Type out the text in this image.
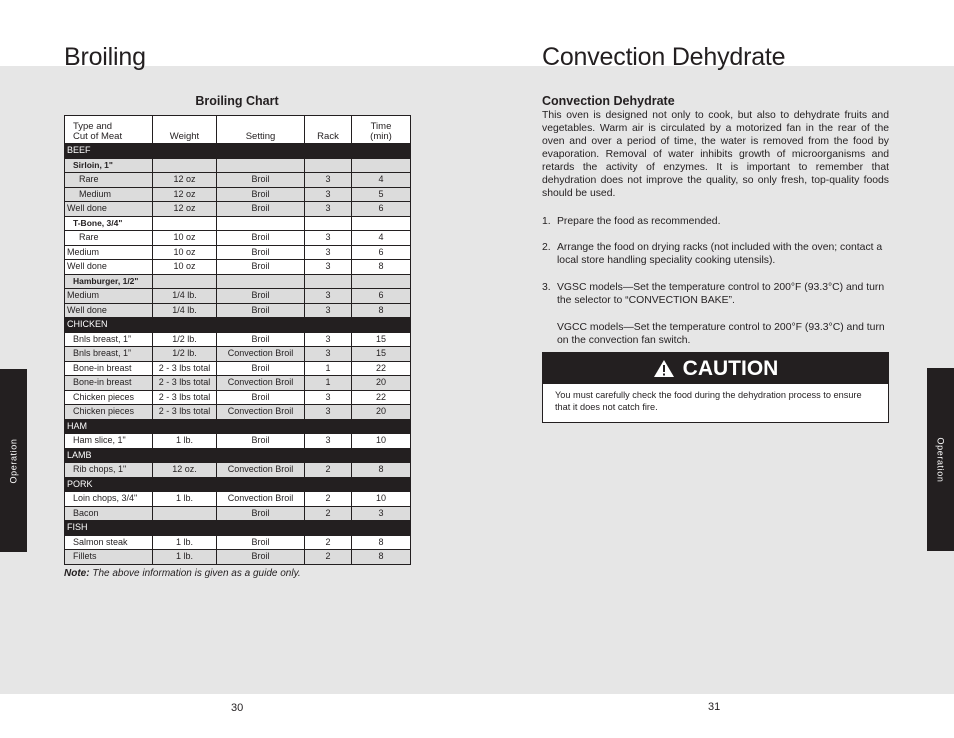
Broiling
Broiling Chart
Type and
Cut of Meat	Weight	Setting	Rack	Time
(min)
BEEF				
Sirloin, 1"				
Rare	12 oz	Broil	3	4
Medium	12 oz	Broil	3	5
Well done	12 oz	Broil	3	6
T-Bone, 3/4"				
Rare	10 oz	Broil	3	4
Medium	10 oz	Broil	3	6
Well done	10 oz	Broil	3	8
Hamburger, 1/2"				
Medium	1/4 lb.	Broil	3	6
Well done	1/4 lb.	Broil	3	8
CHICKEN				
Bnls breast, 1”	1/2 lb.	Broil	3	15
Bnls breast, 1”	1/2 lb.	Convection Broil	3	15
Bone-in breast	2 - 3 lbs total	Broil	1	22
Bone-in breast	2 - 3 lbs total	Convection Broil	1	20
Chicken pieces	2 - 3 lbs total	Broil	3	22
Chicken pieces	2 - 3 lbs total	Convection Broil	3	20
HAM				
Ham slice, 1"	1 lb.	Broil	3	10
LAMB				
Rib chops, 1"	12 oz.	Convection Broil	2	8
PORK				
Loin chops, 3/4"	1 lb.	Convection Broil	2	10
Bacon		Broil	2	3
FISH				
Salmon steak	1 lb.	Broil	2	8
Fillets	1 lb.	Broil	2	8
Note: The above information is given as a guide only.
Operation
30
Convection Dehydrate
Convection Dehydrate
This oven is designed not only to cook, but also to dehydrate fruits and vegetables. Warm air is circulated by a motorized fan in the rear of the oven and over a period of time, the water is removed from the food by evaporation. Removal of water inhibits growth of microorganisms and retards the activity of enzymes. It is important to remember that dehydration does not improve the quality, so only fresh, top-quality foods should be used.
1. Prepare the food as recommended.
2. Arrange the food on drying racks (not included with the oven; contact a local store handling speciality cooking utensils).
3. VGSC models—Set the temperature control to 200°F (93.3°C) and turn the selector to “CONVECTION BAKE”.
VGCC models—Set the temperature control to 200°F (93.3°C) and turn on the convection fan switch.
CAUTION
You must carefully check the food during the dehydration process to ensure that it does not catch fire.
Operation
31
